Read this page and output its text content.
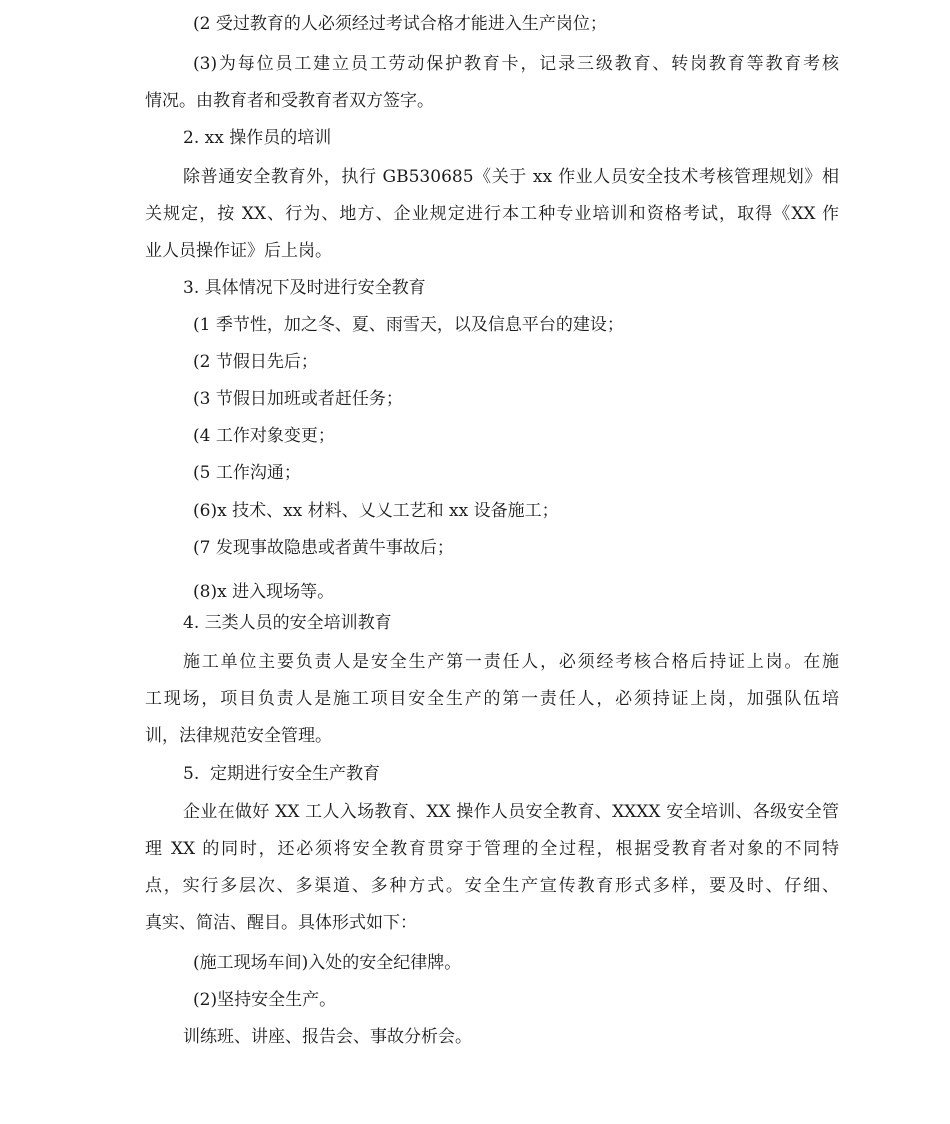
(2 受过教育的人必须经过考试合格才能进入生产岗位；
(3)为每位员工建立员工劳动保护教育卡，记录三级教育、转岗教育等教育考核
情况。由教育者和受教育者双方签字。
2. xx 操作员的培训
除普通安全教育外，执行 GB530685《关于 xx 作业人员安全技术考核管理规划》相
关规定，按 XX、行为、地方、企业规定进行本工种专业培训和资格考试，取得《XX 作
业人员操作证》后上岗。
3. 具体情况下及时进行安全教育
(1 季节性，加之冬、夏、雨雪天，以及信息平台的建设；
(2 节假日先后；
(3 节假日加班或者赶任务；
(4 工作对象变更；
(5 工作沟通；
(6)x 技术、xx 材料、乂乂工艺和 xx 设备施工；
(7 发现事故隐患或者黄牛事故后；
(8)x 进入现场等。
4. 三类人员的安全培训教育
施工单位主要负责人是安全生产第一责任人，必须经考核合格后持证上岗。在施
工现场，项目负责人是施工项目安全生产的第一责任人，必须持证上岗，加强队伍培
训，法律规范安全管理。
5.  定期进行安全生产教育
企业在做好 XX 工人入场教育、XX 操作人员安全教育、XXXX 安全培训、各级安全管
理 XX 的同时，还必须将安全教育贯穿于管理的全过程，根据受教育者对象的不同特
点，实行多层次、多渠道、多种方式。安全生产宣传教育形式多样，要及时、仔细、
真实、简洁、醒目。具体形式如下：
(施工现场车间)入处的安全纪律牌。
(2)坚持安全生产。
训练班、讲座、报告会、事故分析会。
